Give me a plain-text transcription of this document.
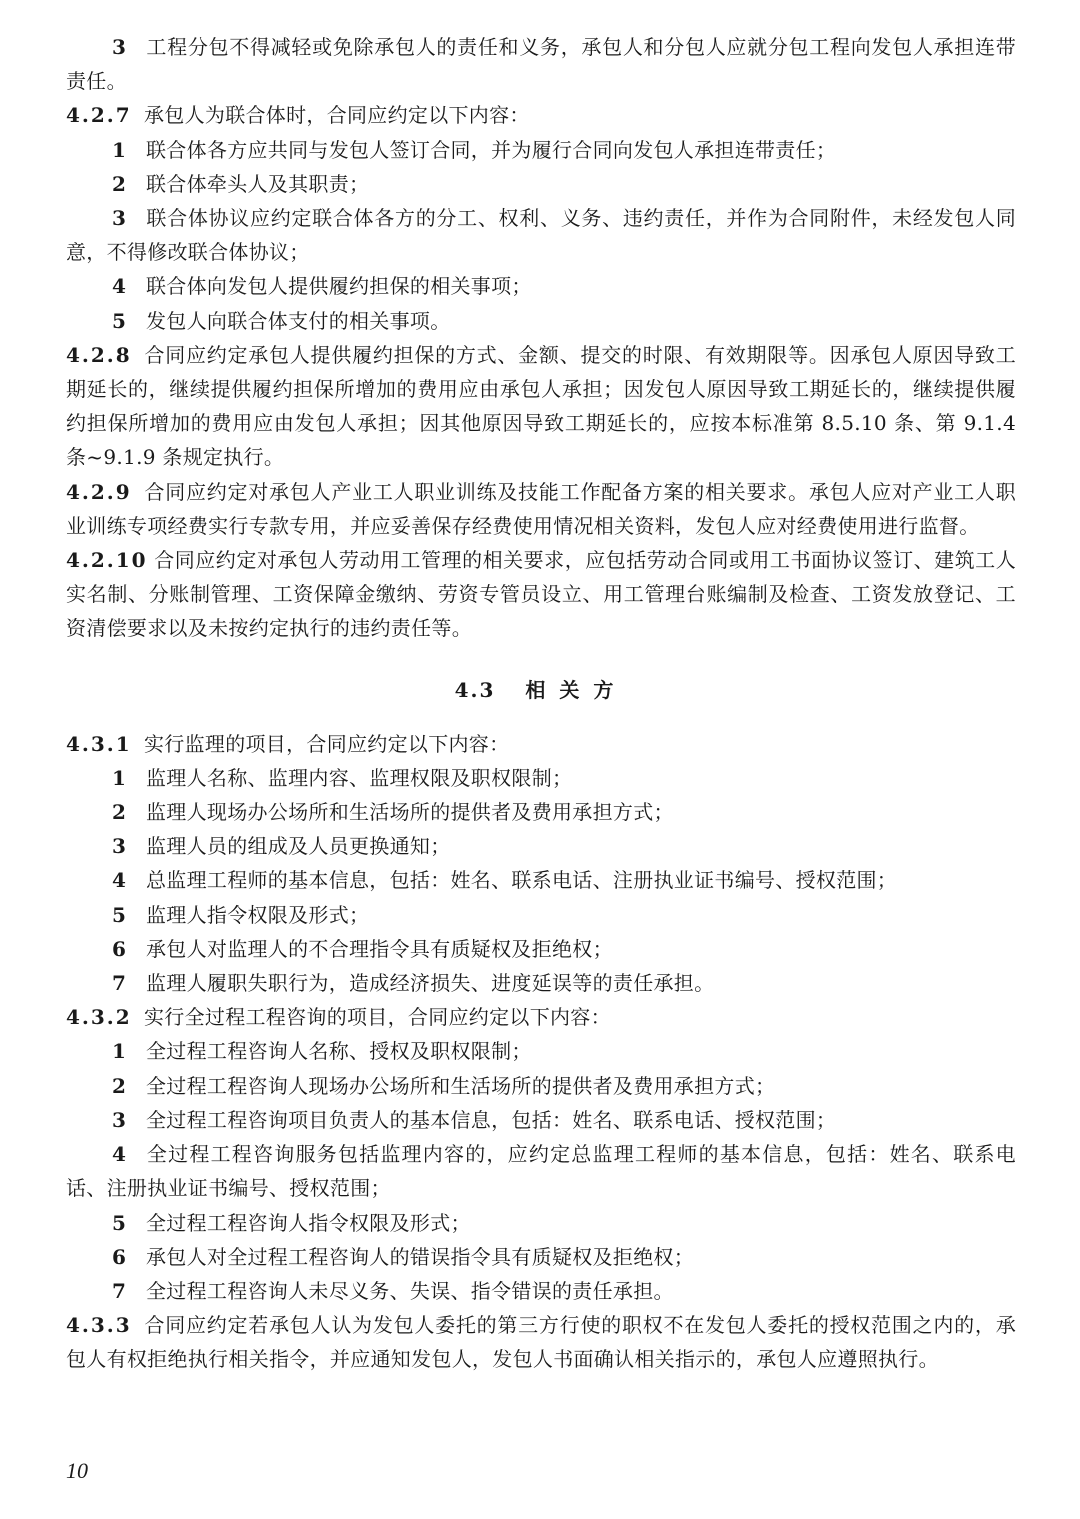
3 工程分包不得减轻或免除承包人的责任和义务，承包人和分包人应就分包工程向发包人承担连带责任。

4.2.7 承包人为联合体时，合同应约定以下内容：

1 联合体各方应共同与发包人签订合同，并为履行合同向发包人承担连带责任；

2 联合体牵头人及其职责；

3 联合体协议应约定联合体各方的分工、权利、义务、违约责任，并作为合同附件，未经发包人同意，不得修改联合体协议；

4 联合体向发包人提供履约担保的相关事项；

5 发包人向联合体支付的相关事项。

4.2.8 合同应约定承包人提供履约担保的方式、金额、提交的时限、有效期限等。因承包人原因导致工期延长的，继续提供履约担保所增加的费用应由承包人承担；因发包人原因导致工期延长的，继续提供履约担保所增加的费用应由发包人承担；因其他原因导致工期延长的，应按本标准第 8.5.10 条、第 9.1.4 条~9.1.9 条规定执行。

4.2.9 合同应约定对承包人产业工人职业训练及技能工作配备方案的相关要求。承包人应对产业工人职业训练专项经费实行专款专用，并应妥善保存经费使用情况相关资料，发包人应对经费使用进行监督。

4.2.10 合同应约定对承包人劳动用工管理的相关要求，应包括劳动合同或用工书面协议签订、建筑工人实名制、分账制管理、工资保障金缴纳、劳资专管员设立、用工管理台账编制及检查、工资发放登记、工资清偿要求以及未按约定执行的违约责任等。

4.3 相关方

4.3.1 实行监理的项目，合同应约定以下内容：

1 监理人名称、监理内容、监理权限及职权限制；

2 监理人现场办公场所和生活场所的提供者及费用承担方式；

3 监理人员的组成及人员更换通知；

4 总监理工程师的基本信息，包括：姓名、联系电话、注册执业证书编号、授权范围；

5 监理人指令权限及形式；

6 承包人对监理人的不合理指令具有质疑权及拒绝权；

7 监理人履职失职行为，造成经济损失、进度延误等的责任承担。

4.3.2 实行全过程工程咨询的项目，合同应约定以下内容：

1 全过程工程咨询人名称、授权及职权限制；

2 全过程工程咨询人现场办公场所和生活场所的提供者及费用承担方式；

3 全过程工程咨询项目负责人的基本信息，包括：姓名、联系电话、授权范围；

4 全过程工程咨询服务包括监理内容的，应约定总监理工程师的基本信息，包括：姓名、联系电话、注册执业证书编号、授权范围；

5 全过程工程咨询人指令权限及形式；

6 承包人对全过程工程咨询人的错误指令具有质疑权及拒绝权；

7 全过程工程咨询人未尽义务、失误、指令错误的责任承担。

4.3.3 合同应约定若承包人认为发包人委托的第三方行使的职权不在发包人委托的授权范围之内的，承包人有权拒绝执行相关指令，并应通知发包人，发包人书面确认相关指示的，承包人应遵照执行。

10
